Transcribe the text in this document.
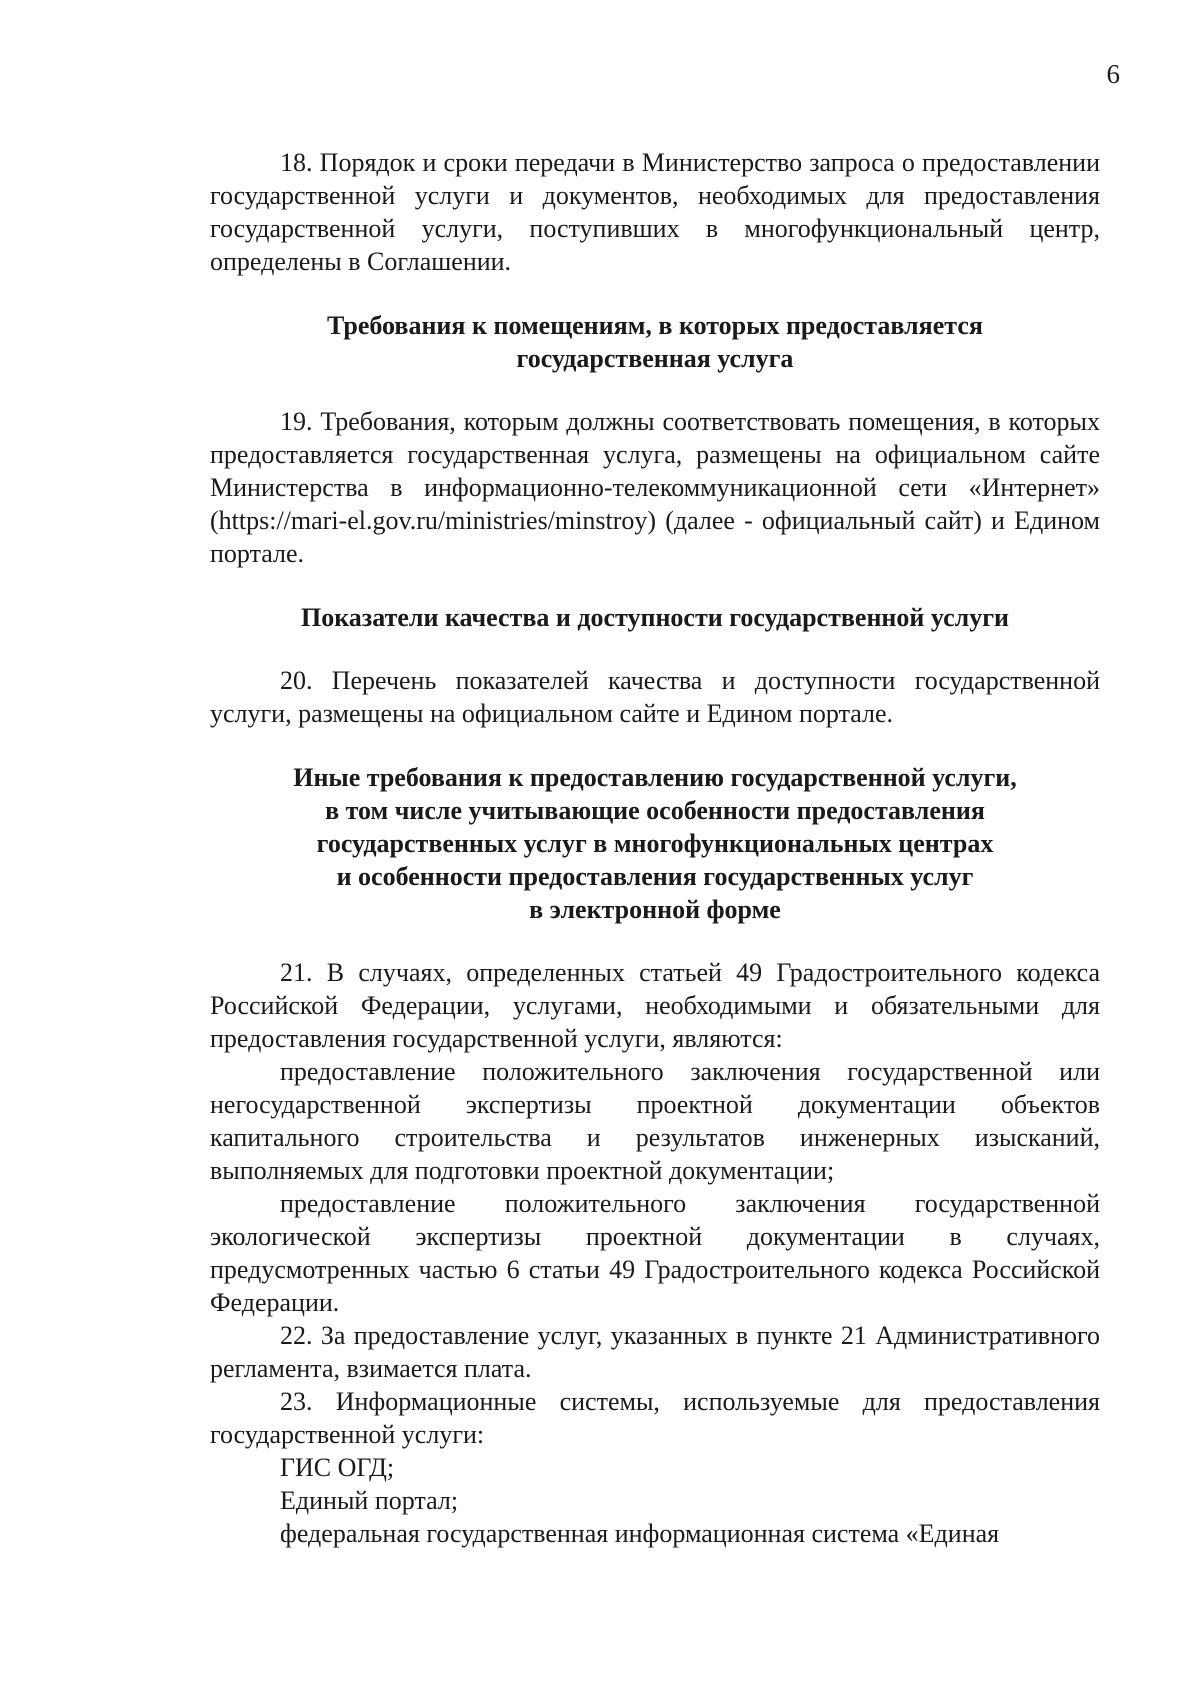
6

18. Порядок и сроки передачи в Министерство запроса о предоставлении государственной услуги и документов, необходимых для предоставления государственной услуги, поступивших в многофункциональный центр, определены в Соглашении.

Требования к помещениям, в которых предоставляется
государственная услуга

19. Требования, которым должны соответствовать помещения, в которых предоставляется государственная услуга, размещены на официальном сайте Министерства в информационно-телекоммуникационной сети «Интернет» (https://mari-el.gov.ru/ministries/minstroy) (далее - официальный сайт) и Едином портале.

Показатели качества и доступности государственной услуги

20. Перечень показателей качества и доступности государственной услуги, размещены на официальном сайте и Едином портале.

Иные требования к предоставлению государственной услуги,
в том числе учитывающие особенности предоставления
государственных услуг в многофункциональных центрах
и особенности предоставления государственных услуг
в электронной форме

21. В случаях, определенных статьей 49 Градостроительного кодекса Российской Федерации, услугами, необходимыми и обязательными для предоставления государственной услуги, являются:

предоставление положительного заключения государственной или негосударственной экспертизы проектной документации объектов капитального строительства и результатов инженерных изысканий, выполняемых для подготовки проектной документации;

предоставление положительного заключения государственной экологической экспертизы проектной документации в случаях, предусмотренных частью 6 статьи 49 Градостроительного кодекса Российской Федерации.

22. За предоставление услуг, указанных в пункте 21 Административного регламента, взимается плата.

23. Информационные системы, используемые для предоставления государственной услуги:

ГИС ОГД;

Единый портал;

федеральная государственная информационная система «Единая
